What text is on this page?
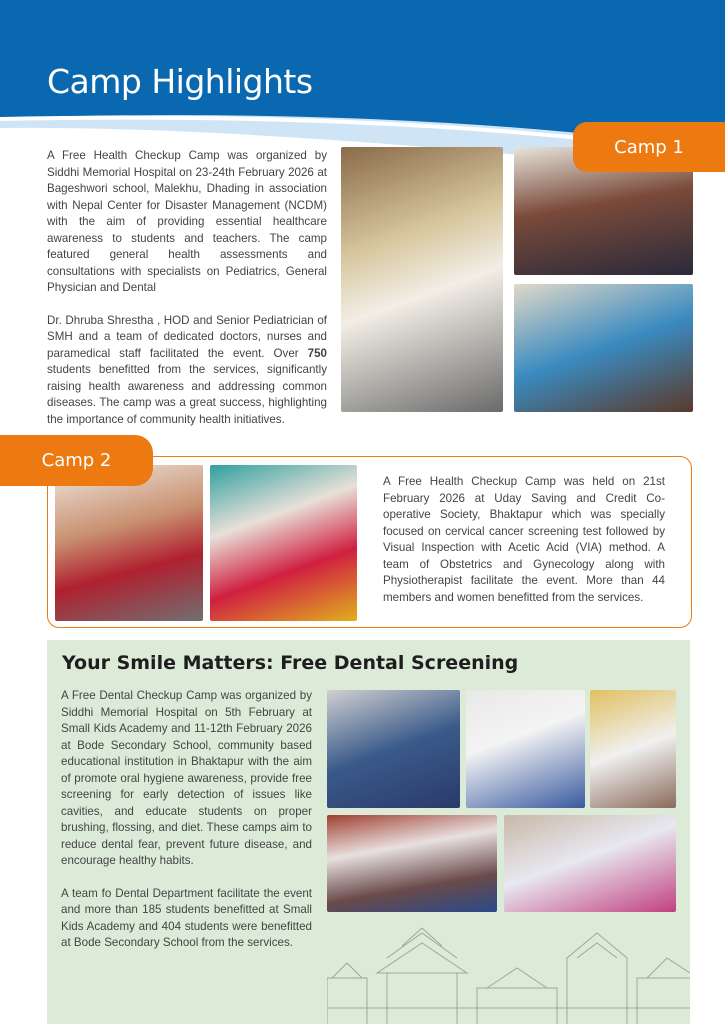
Camp Highlights
Camp 1

A Free Health Checkup Camp was organized by Siddhi Memorial Hospital on 23-24th February 2026 at Bageshwori school, Malekhu, Dhading in association with Nepal Center for Disaster Management (NCDM) with the aim of providing essential healthcare awareness to students and teachers. The camp featured general health assessments and consultations with specialists on Pediatrics, General Physician and Dental

Dr. Dhruba Shrestha , HOD and Senior Pediatrician of SMH and a team of dedicated doctors, nurses and paramedical staff facilitated the event. Over 750 students benefitted from the services, significantly raising health awareness and addressing common diseases. The camp was a great success, highlighting the importance of community health initiatives.

Camp 2
A Free Health Checkup Camp was held on 21st February 2026 at Uday Saving and Credit Co-operative Society, Bhaktapur which was specially focused on cervical cancer screening test followed by Visual Inspection with Acetic Acid (VIA) method. A team of Obstetrics and Gynecology along with Physiotherapist facilitate the event. More than 44 members and women benefitted from the services.
Your Smile Matters: Free Dental Screening

A Free Dental Checkup Camp was organized by Siddhi Memorial Hospital on 5th February at Small Kids Academy and 11-12th February 2026 at Bode Secondary School, community based educational institution in Bhaktapur with the aim of promote oral hygiene awareness, provide free screening for early detection of issues like cavities, and educate students on proper brushing, flossing, and diet. These camps aim to reduce dental fear, prevent future disease, and encourage healthy habits.

A team fo Dental Department facilitate the event and more than 185 students benefitted at Small Kids Academy and 404 students were benefitted at Bode Secondary School from the services.
